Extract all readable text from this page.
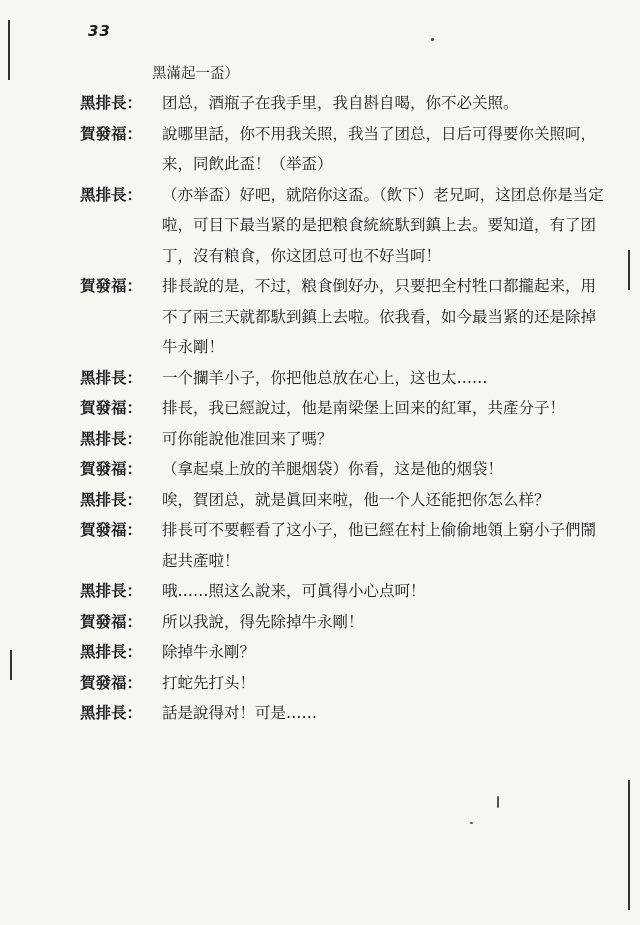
33
黑滿起一盃）
黑排長：	团总，酒瓶子在我手里，我自斟自喝，你不必关照。
賀發福：	說哪里話，你不用我关照，我当了团总，日后可得要你关照呵，来，同飲此盃！（举盃）
黑排長：	（亦举盃）好吧，就陪你这盃。（飲下）老兄呵，这团总你是当定啦，可目下最当紧的是把粮食統統馱到鎮上去。要知道，有了团丁，沒有粮食，你这团总可也不好当呵！
賀發福：	排長說的是，不过，粮食倒好办，只要把全村牲口都攏起来，用不了兩三天就都馱到鎮上去啦。依我看，如今最当紧的还是除掉牛永剛！
黑排長：	一个攔羊小子，你把他总放在心上，这也太……
賀發福：	排長，我已經說过，他是南梁堡上回来的紅軍，共產分子！
黑排長：	可你能說他准回来了嗎？
賀發福：	（拿起桌上放的羊腿烟袋）你看，这是他的烟袋！
黑排長：	唉，賀团总，就是眞回来啦，他一个人还能把你怎么样？
賀發福：	排長可不要輕看了这小子，他已經在村上偷偷地領上窮小子們鬧起共產啦！
黑排長：	哦……照这么說来，可眞得小心点呵！
賀發福：	所以我說，得先除掉牛永剛！
黑排長：	除掉牛永剛？
賀發福：	打蛇先打头！
黑排長：	話是說得对！可是……
